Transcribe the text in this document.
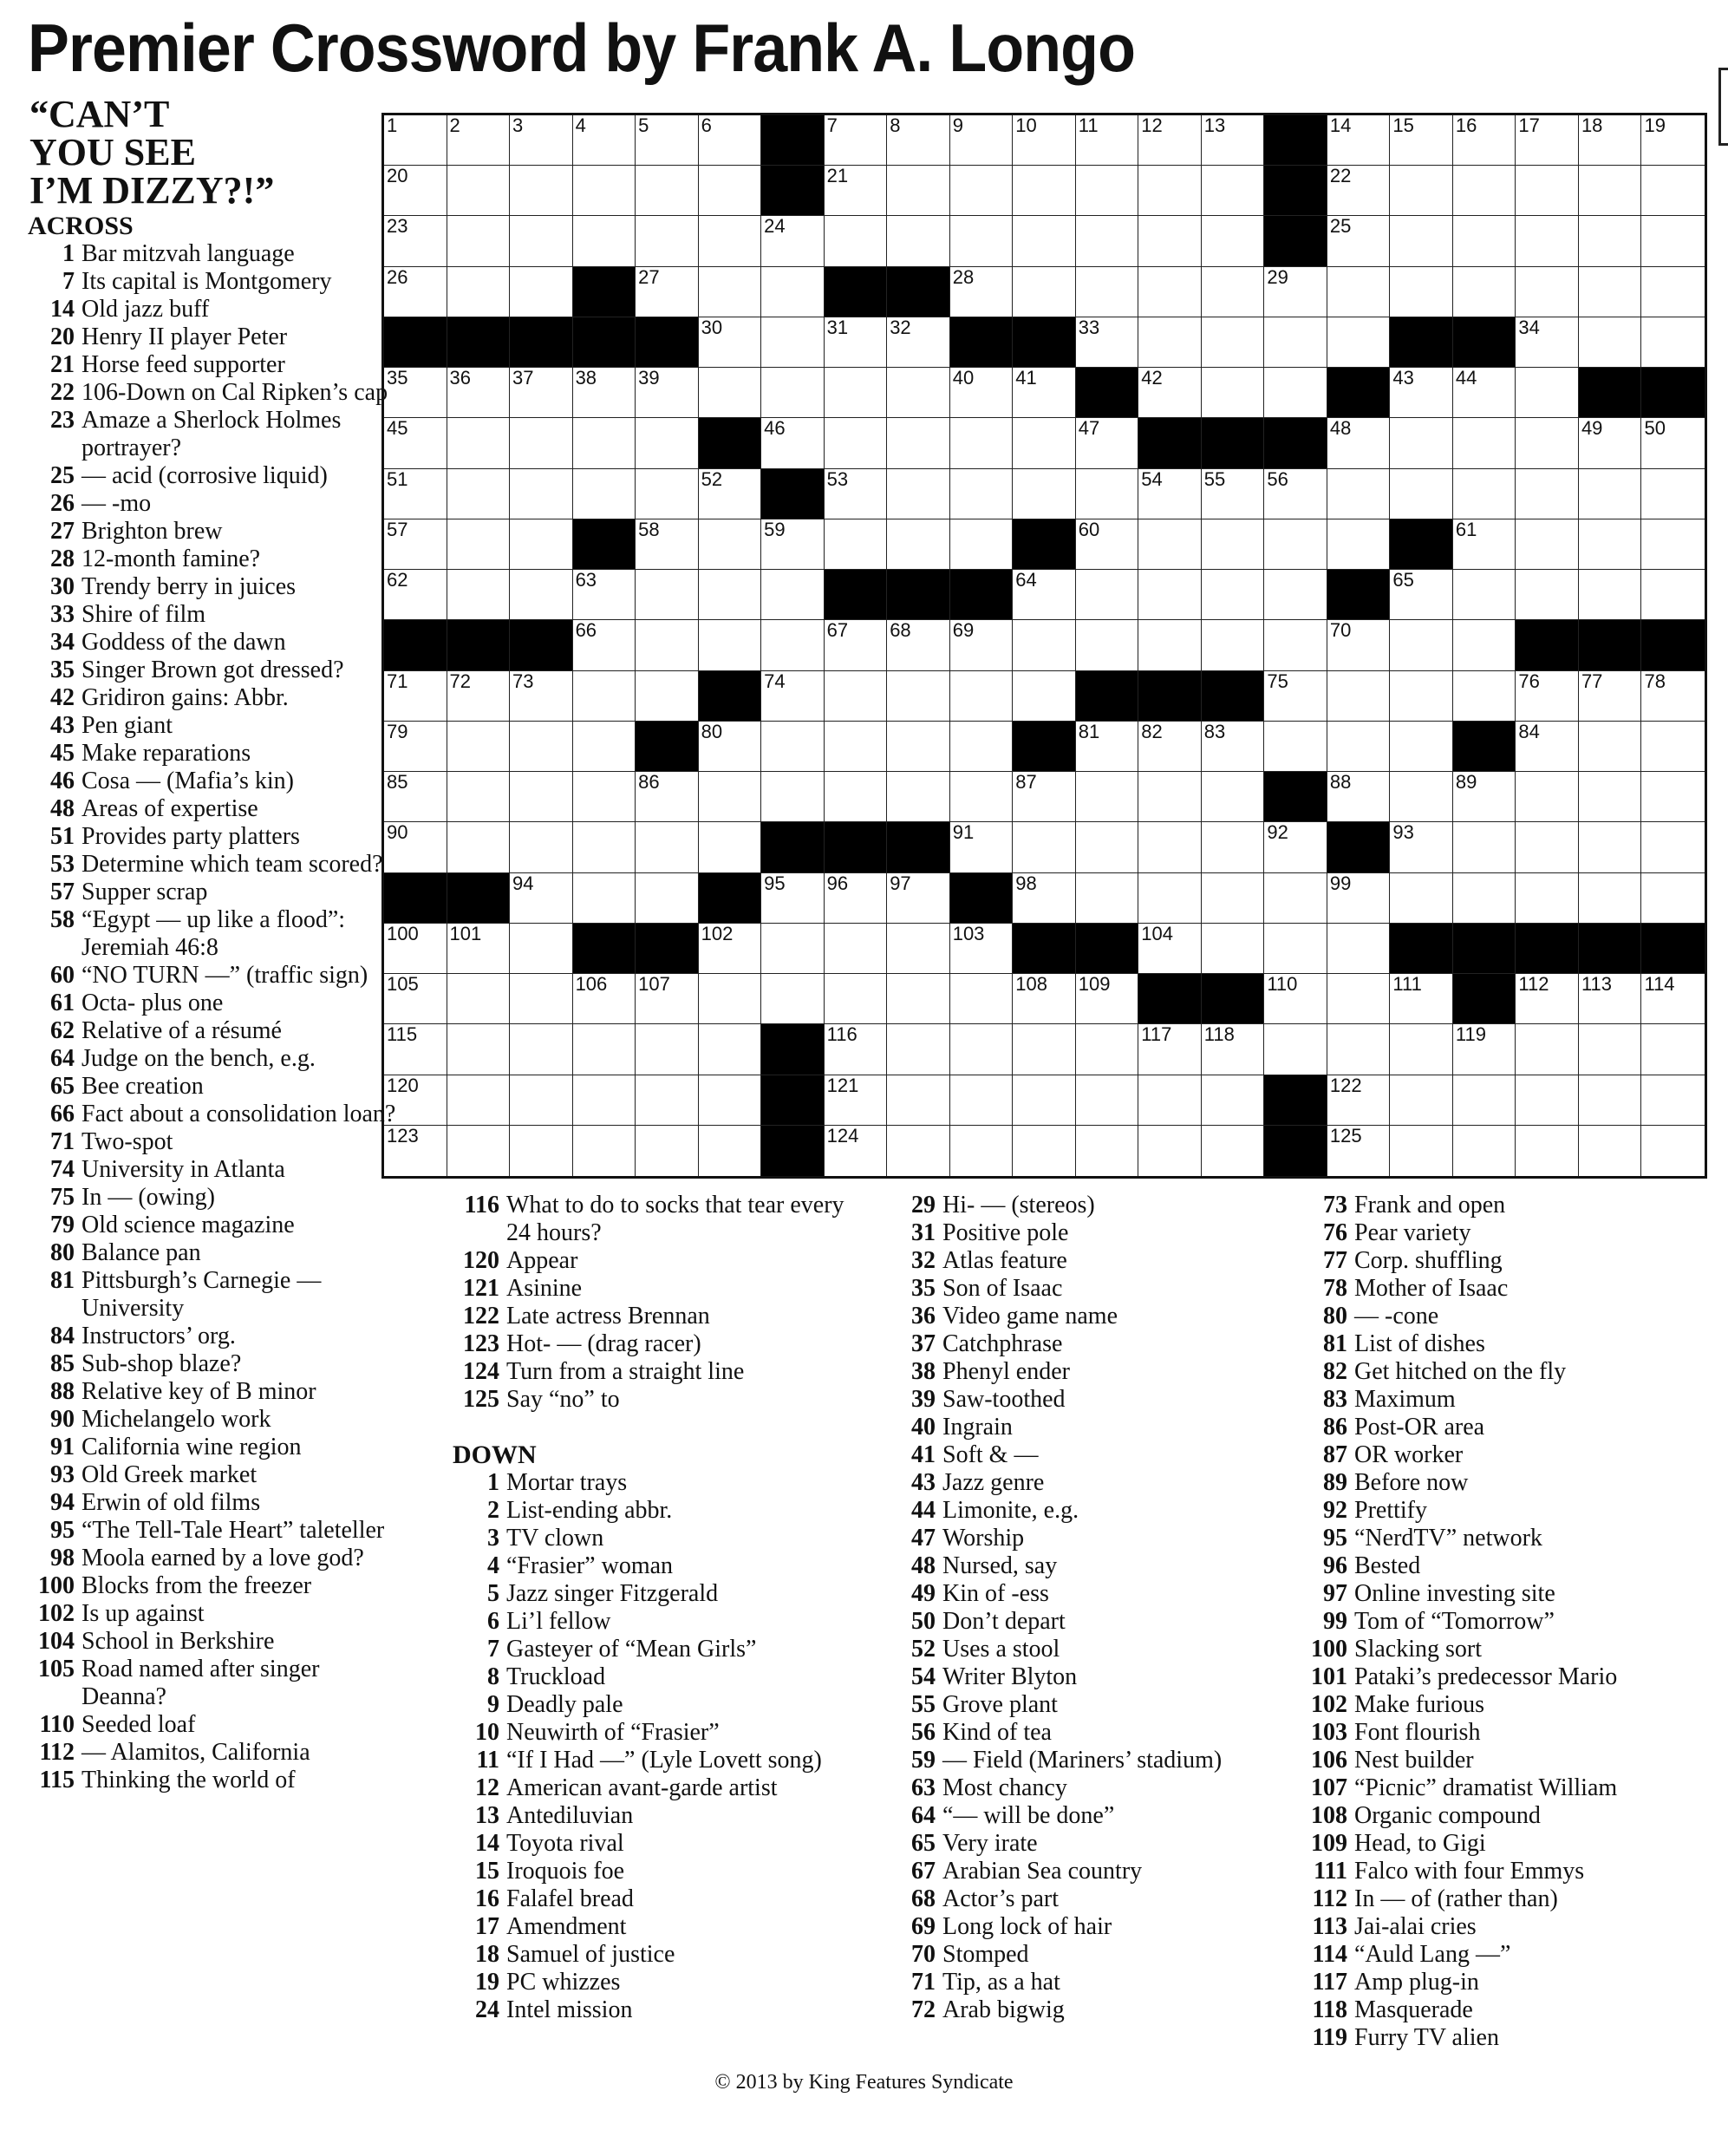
Premier Crossword by Frank A. Longo
“CAN’T
YOU SEE
I’M DIZZY?!”
1	2	3	4	5	6	7	8	9	10 11 12 13	14 15 16 17 18 19
20	21	22
23	24	25
26	27	28	29
30	31 32	33	34
35 36 37 38 39	40 41	42	43 44
45	46	47	48	49 50
51	52	53	54 55 56
57	58	59	60	61
62	63	64	65
66	67 68 69	70
71 72 73	74	75	76 77 78
79	80	81 82 83	84
85	86	87	88	89
90	91	92	93
94	95 96 97	98	99
100 101	102	103	104
105	106 107	108 109	110	111	112 113 114
115	116	117 118	119
120	121	122
123	124	125
ACROSS
1 Bar mitzvah language
7 Its capital is Montgomery
14 Old jazz buff
20 Henry II player Peter
21 Horse feed supporter
22 106-Down on Cal Ripken’s cap
23 Amaze a Sherlock Holmes portrayer?
25 — acid (corrosive liquid)
26 — -mo
27 Brighton brew
28 12-month famine?
30 Trendy berry in juices
33 Shire of film
34 Goddess of the dawn
35 Singer Brown got dressed?
42 Gridiron gains: Abbr.
43 Pen giant
45 Make reparations
46 Cosa — (Mafia’s kin)
48 Areas of expertise
51 Provides party platters
53 Determine which team scored?
57 Supper scrap
58 “Egypt — up like a flood”: Jeremiah 46:8
60 “NO TURN —” (traffic sign)
61 Octa- plus one
62 Relative of a résumé
64 Judge on the bench, e.g.
65 Bee creation
66 Fact about a consolidation loan?
71 Two-spot
74 University in Atlanta
75 In — (owing)
79 Old science magazine
80 Balance pan
81 Pittsburgh’s Carnegie — University
84 Instructors’ org.
85 Sub-shop blaze?
88 Relative key of B minor
90 Michelangelo work
91 California wine region
93 Old Greek market
94 Erwin of old films
95 “The Tell-Tale Heart” taleteller
98 Moola earned by a love god?
100 Blocks from the freezer
102 Is up against
104 School in Berkshire
105 Road named after singer Deanna?
110 Seeded loaf
112 — Alamitos, California
115 Thinking the world of
116 What to do to socks that tear every 24 hours?
120 Appear
121 Asinine
122 Late actress Brennan
123 Hot- — (drag racer)
124 Turn from a straight line
125 Say “no” to
DOWN
1 Mortar trays
2 List-ending abbr.
3 TV clown
4 “Frasier” woman
5 Jazz singer Fitzgerald
6 Li’l fellow
7 Gasteyer of “Mean Girls”
8 Truckload
9 Deadly pale
10 Neuwirth of “Frasier”
11 “If I Had —” (Lyle Lovett song)
12 American avant-garde artist
13 Antediluvian
14 Toyota rival
15 Iroquois foe
16 Falafel bread
17 Amendment
18 Samuel of justice
19 PC whizzes
24 Intel mission
29 Hi- — (stereos)
31 Positive pole
32 Atlas feature
35 Son of Isaac
36 Video game name
37 Catchphrase
38 Phenyl ender
39 Saw-toothed
40 Ingrain
41 Soft & —
43 Jazz genre
44 Limonite, e.g.
47 Worship
48 Nursed, say
49 Kin of -ess
50 Don’t depart
52 Uses a stool
54 Writer Blyton
55 Grove plant
56 Kind of tea
59 — Field (Mariners’ stadium)
63 Most chancy
64 “— will be done”
65 Very irate
67 Arabian Sea country
68 Actor’s part
69 Long lock of hair
70 Stomped
71 Tip, as a hat
72 Arab bigwig
73 Frank and open
76 Pear variety
77 Corp. shuffling
78 Mother of Isaac
80 — -cone
81 List of dishes
82 Get hitched on the fly
83 Maximum
86 Post-OR area
87 OR worker
89 Before now
92 Prettify
95 “NerdTV” network
96 Bested
97 Online investing site
99 Tom of “Tomorrow”
100 Slacking sort
101 Pataki’s predecessor Mario
102 Make furious
103 Font flourish
106 Nest builder
107 “Picnic” dramatist William
108 Organic compound
109 Head, to Gigi
111 Falco with four Emmys
112 In — of (rather than)
113 Jai-alai cries
114 “Auld Lang —”
117 Amp plug-in
118 Masquerade
119 Furry TV alien
© 2013 by King Features Syndicate
